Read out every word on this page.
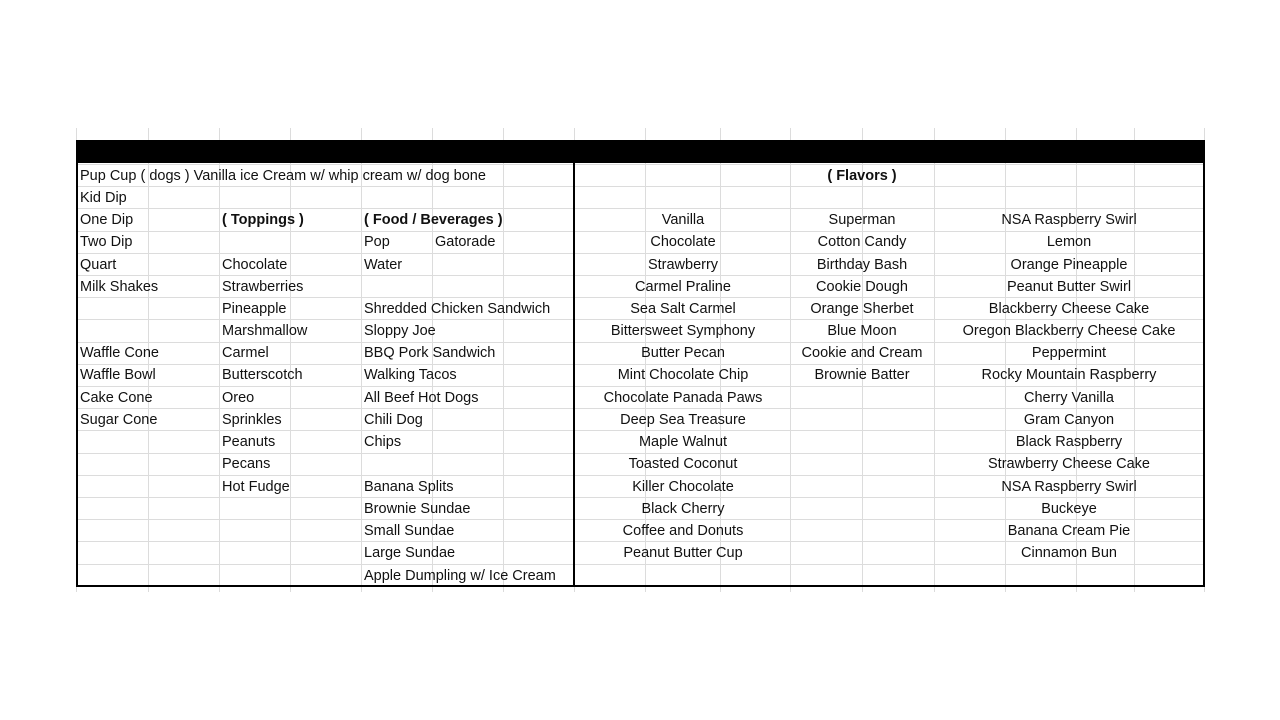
Pup Cup ( dogs ) Vanilla ice Cream w/ whip cream w/ dog bone	( Flavors )
Kid Dip
One Dip
Two Dip
Quart
Milk Shakes
Waffle Cone
Waffle Bowl
Cake Cone
Sugar Cone
( Toppings )
Chocolate
Strawberries
Pineapple
Marshmallow
Carmel
Butterscotch
Oreo
Sprinkles
Peanuts
Pecans
Hot Fudge
( Food / Beverages )
Pop	Gatorade
Water
Shredded Chicken Sandwich
Sloppy Joe
BBQ Pork Sandwich
Walking Tacos
All Beef Hot Dogs
Chili Dog
Chips
Banana Splits
Brownie Sundae
Small Sundae
Large Sundae
Apple Dumpling w/ Ice Cream
Vanilla
Chocolate
Strawberry
Carmel Praline
Sea Salt Carmel
Bittersweet Symphony
Butter Pecan
Mint Chocolate Chip
Chocolate Panada Paws
Deep Sea Treasure
Maple Walnut
Toasted Coconut
Killer Chocolate
Black Cherry
Coffee and Donuts
Peanut Butter Cup
Superman
Cotton Candy
Birthday Bash
Cookie Dough
Orange Sherbet
Blue Moon
Cookie and Cream
Brownie Batter
NSA Raspberry Swirl
Lemon
Orange Pineapple
Peanut Butter Swirl
Blackberry Cheese Cake
Oregon Blackberry Cheese Cake
Peppermint
Rocky Mountain Raspberry
Cherry Vanilla
Gram Canyon
Black Raspberry
Strawberry Cheese Cake
NSA Raspberry Swirl
Buckeye
Banana Cream Pie
Cinnamon Bun
